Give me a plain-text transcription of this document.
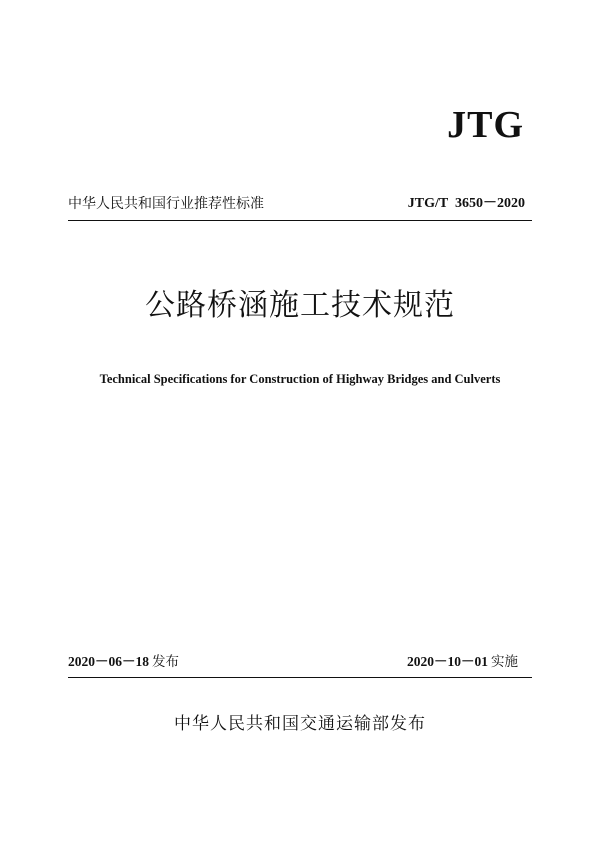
JTG
中华人民共和国行业推荐性标准	JTG/T  3650－2020
公路桥涵施工技术规范
Technical Specifications for Construction of Highway Bridges and Culverts
2020－06－18 发布	2020－10－01 实施
中华人民共和国交通运输部发布
